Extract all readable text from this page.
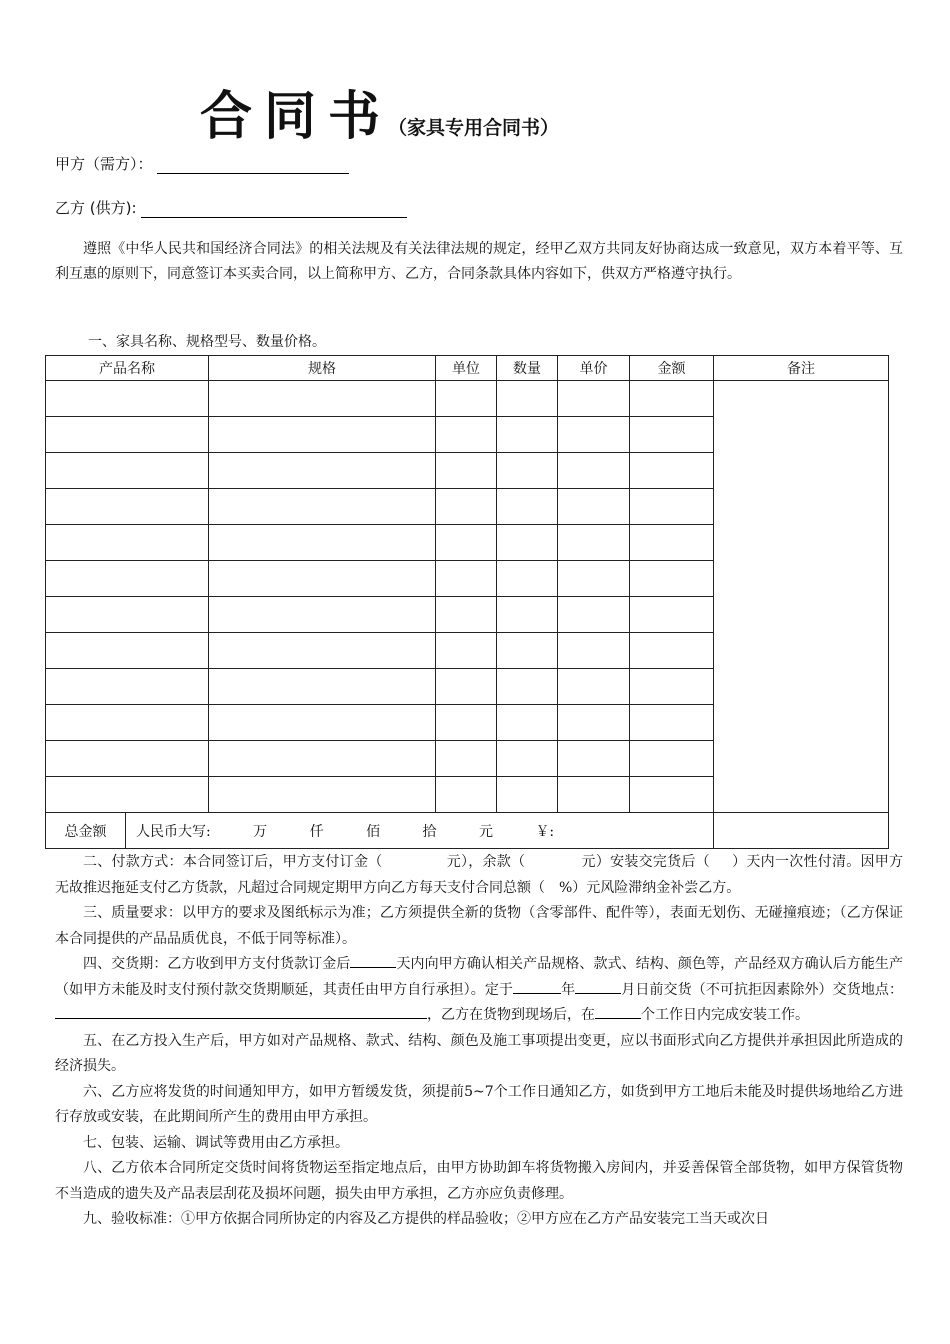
合同书（家具专用合同书）
甲方（需方）：
乙方 (供方):

遵照《中华人民共和国经济合同法》的相关法规及有关法律法规的规定，经甲乙双方共同友好协商达成一致意见，双方本着平等、互利互惠的原则下，同意签订本买卖合同，以上简称甲方、乙方，合同条款具体内容如下，供双方严格遵守执行。

一、家具名称、规格型号、数量价格。
产品名称		规格	单位	数量	单价	金额	备注

总金额	人民币大写: 万 仟 佰 拾 元 ￥:						

二、付款方式：本合同签订后，甲方支付订金（	元），余款（	元）安装交完货后（ ）天内一次性付清。因甲方无故推迟拖延支付乙方货款，凡超过合同规定期甲方向乙方每天支付合同总额（ %）元风险滞纳金补尝乙方。

三、质量要求：以甲方的要求及图纸标示为准；乙方须提供全新的货物（含零部件、配件等），表面无划伤、无碰撞痕迹；（乙方保证本合同提供的产品品质优良，不低于同等标准）。

四、交货期：乙方收到甲方支付货款订金后	天内向甲方确认相关产品规格、款式、结构、颜色等，产品经双方确认后方能生产（如甲方未能及时支付预付款交货期顺延，其责任由甲方自行承担）。定于	年	月日前交货（不可抗拒因素除外）交货地点：，乙方在货物到现场后，在	个工作日内完成安装工作。

五、在乙方投入生产后，甲方如对产品规格、款式、结构、颜色及施工事项提出变更，应以书面形式向乙方提供并承担因此所造成的经济损失。

六、乙方应将发货的时间通知甲方，如甲方暂缓发货，须提前5~7个工作日通知乙方，如货到甲方工地后未能及时提供场地给乙方进行存放或安装，在此期间所产生的费用由甲方承担。

七、包装、运输、调试等费用由乙方承担。

八、乙方依本合同所定交货时间将货物运至指定地点后，由甲方协助卸车将货物搬入房间内，并妥善保管全部货物，如甲方保管货物不当造成的遗失及产品表层刮花及损坏问题，损失由甲方承担，乙方亦应负责修理。

九、验收标准：①甲方依据合同所协定的内容及乙方提供的样品验收；②甲方应在乙方产品安装完工当天或次日
